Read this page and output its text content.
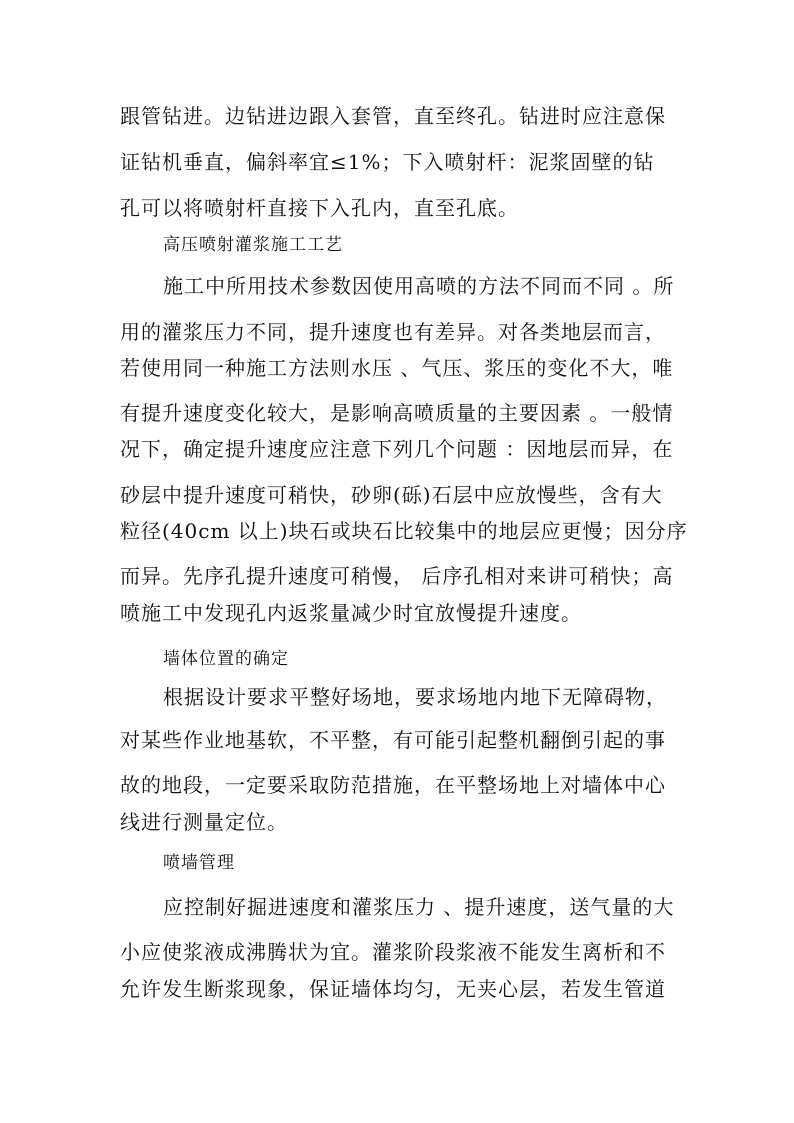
跟管钻进。边钻进边跟入套管，直至终孔。钻进时应注意保
证钻机垂直，偏斜率宜≤1%；下入喷射杆：泥浆固壁的钻
孔可以将喷射杆直接下入孔内，直至孔底。
高压喷射灌浆施工工艺
施工中所用技术参数因使用高喷的方法不同而不同 。所
用的灌浆压力不同，提升速度也有差异。对各类地层而言，
若使用同一种施工方法则水压 、气压、浆压的变化不大，唯
有提升速度变化较大，是影响高喷质量的主要因素 。一般情
况下，确定提升速度应注意下列几个问题 ：因地层而异，在
砂层中提升速度可稍快，砂卵(砾)石层中应放慢些，含有大
粒径(40cm 以上)块石或块石比较集中的地层应更慢；因分序
而异。先序孔提升速度可稍慢， 后序孔相对来讲可稍快；高
喷施工中发现孔内返浆量减少时宜放慢提升速度。
墙体位置的确定
根据设计要求平整好场地，要求场地内地下无障碍物，
对某些作业地基软，不平整，有可能引起整机翻倒引起的事
故的地段，一定要采取防范措施，在平整场地上对墙体中心
线进行测量定位。
喷墙管理
应控制好掘进速度和灌浆压力 、提升速度，送气量的大
小应使浆液成沸腾状为宜。灌浆阶段浆液不能发生离析和不
允许发生断浆现象，保证墙体均匀，无夹心层，若发生管道
